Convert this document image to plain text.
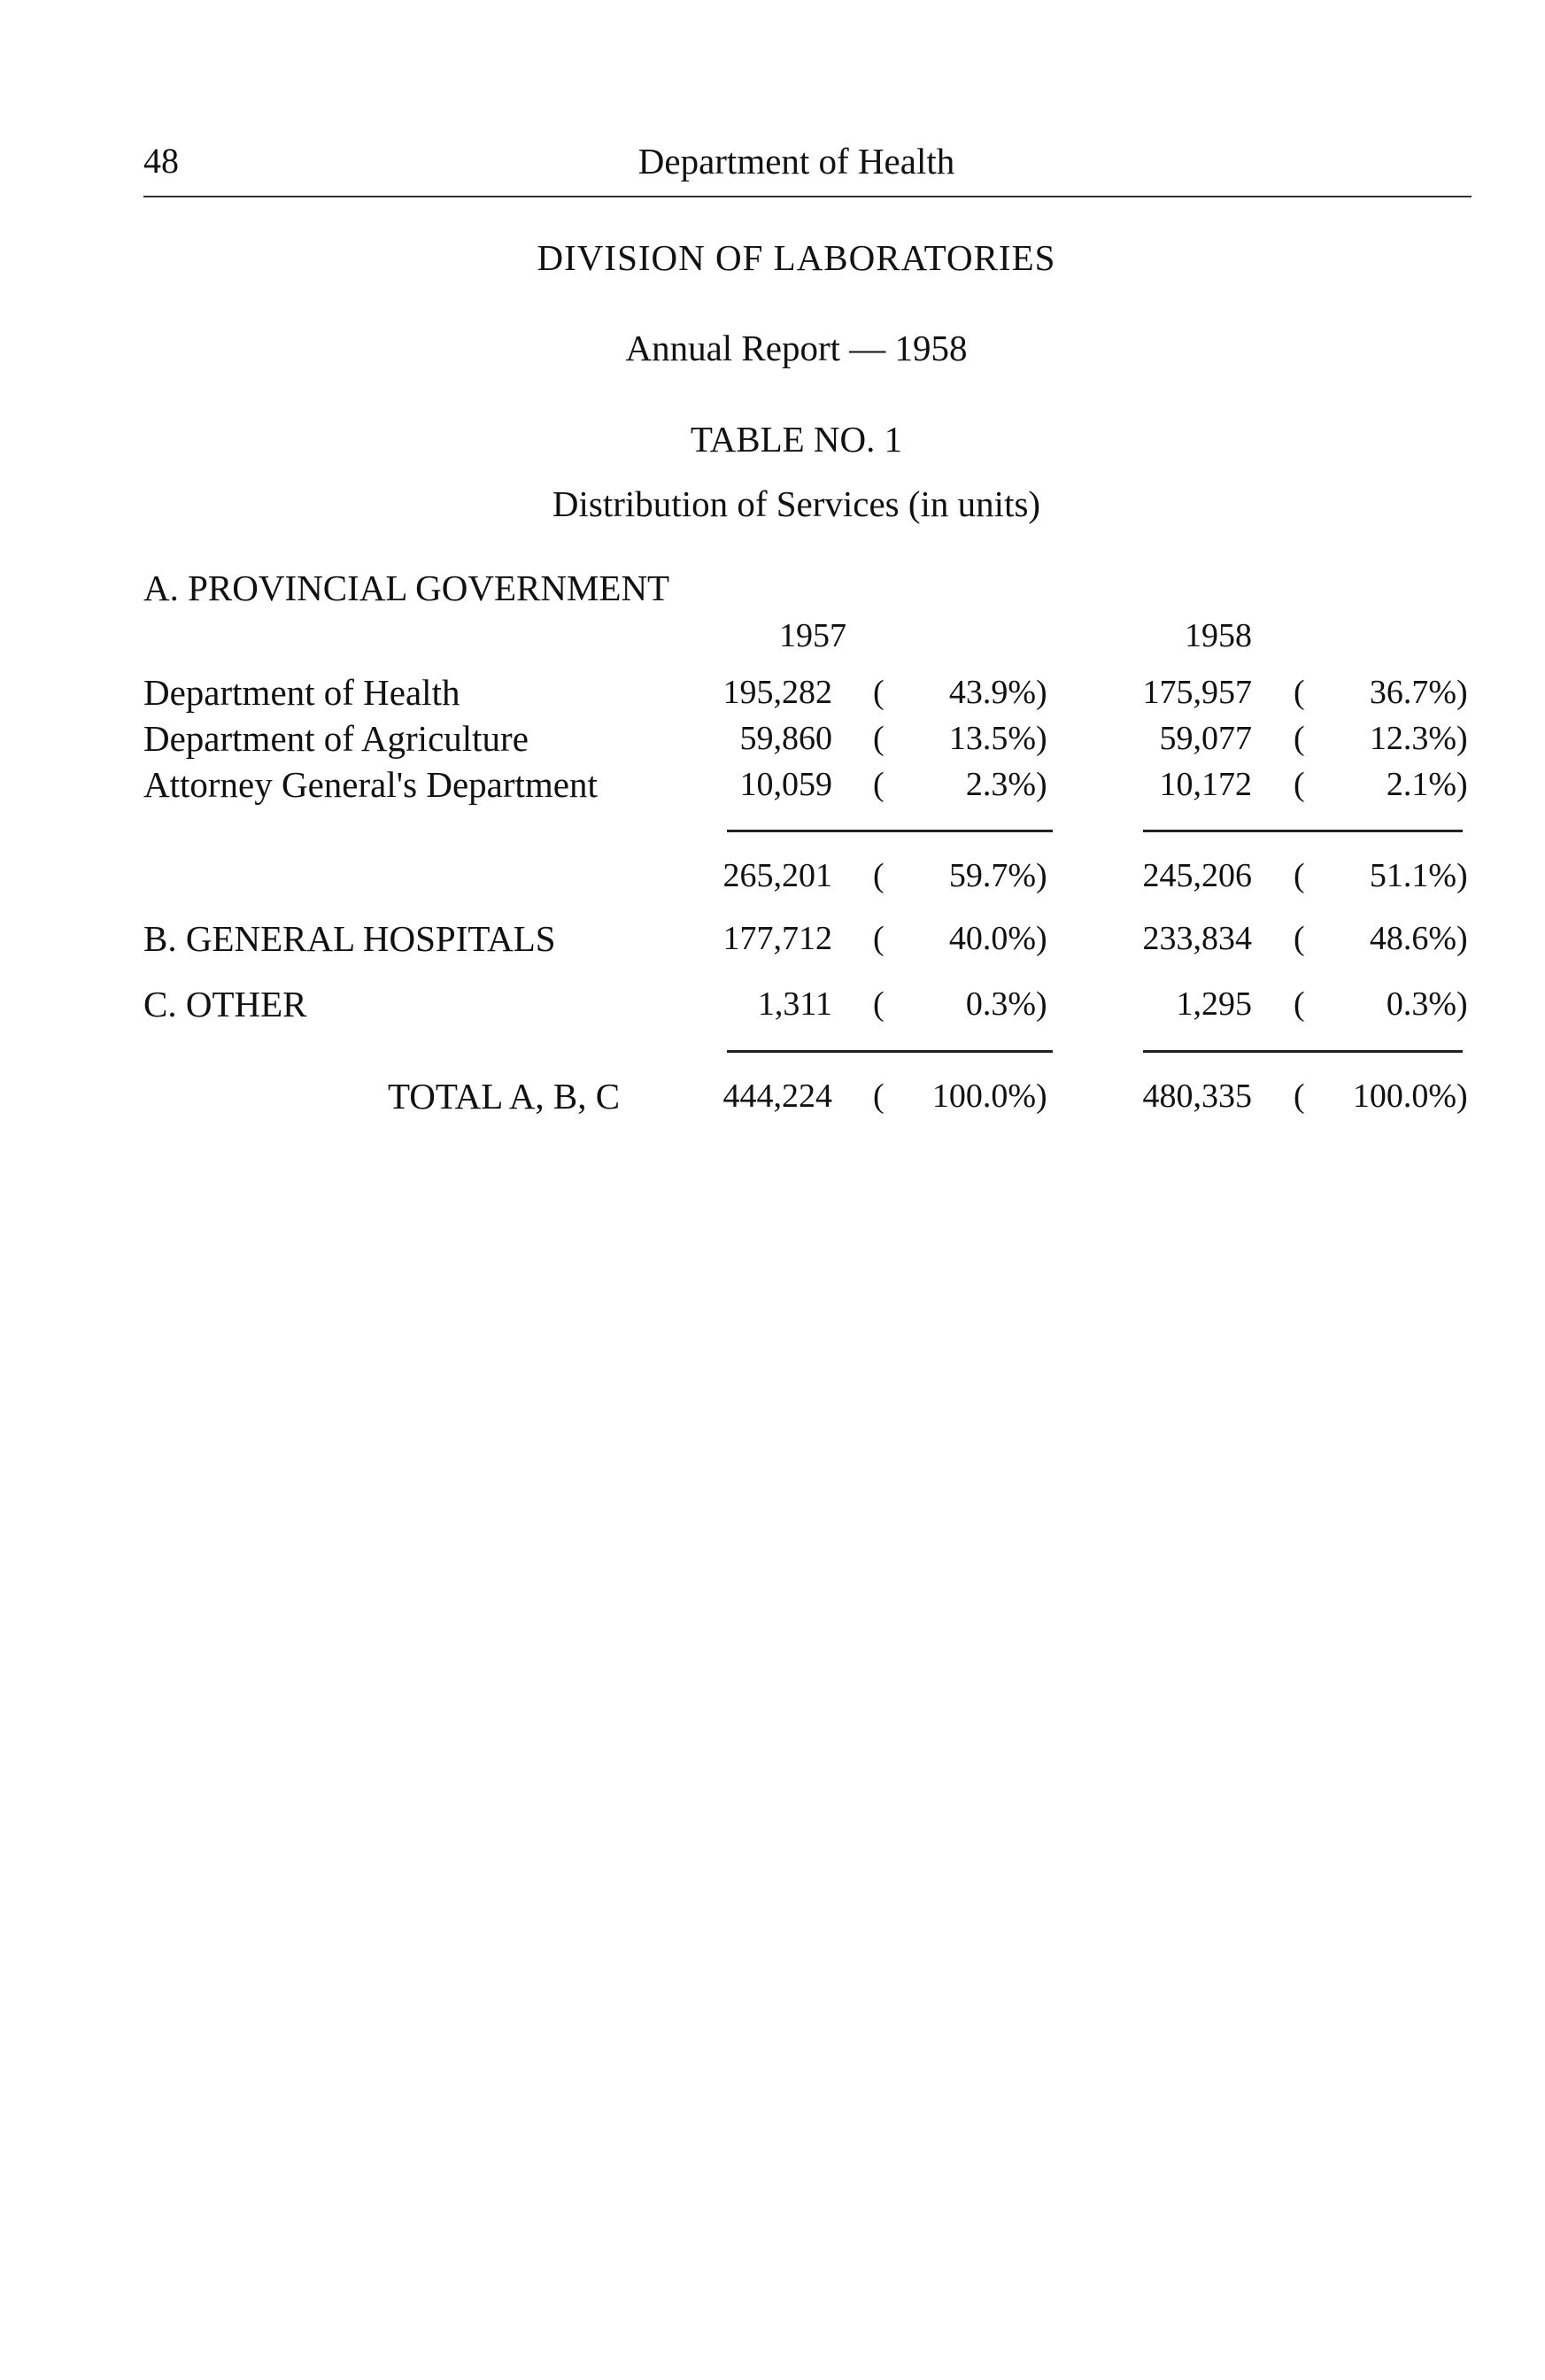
48	Department of Health
DIVISION OF LABORATORIES
Annual Report — 1958
TABLE NO. 1
Distribution of Services (in units)
A. PROVINCIAL GOVERNMENT
1957	1958
Department of Health	195,282 ( 43.9%)	175,957 ( 36.7%)
Department of Agriculture	59,860 ( 13.5%)	59,077 ( 12.3%)
Attorney General's Department	10,059 ( 2.3%)	10,172 ( 2.1%)
265,201 ( 59.7%)	245,206 ( 51.1%)
B. GENERAL HOSPITALS	177,712 ( 40.0%)	233,834 ( 48.6%)
C. OTHER	1,311 ( 0.3%)	1,295 ( 0.3%)
TOTAL A, B, C	444,224 ( 100.0%)	480,335 ( 100.0%)
